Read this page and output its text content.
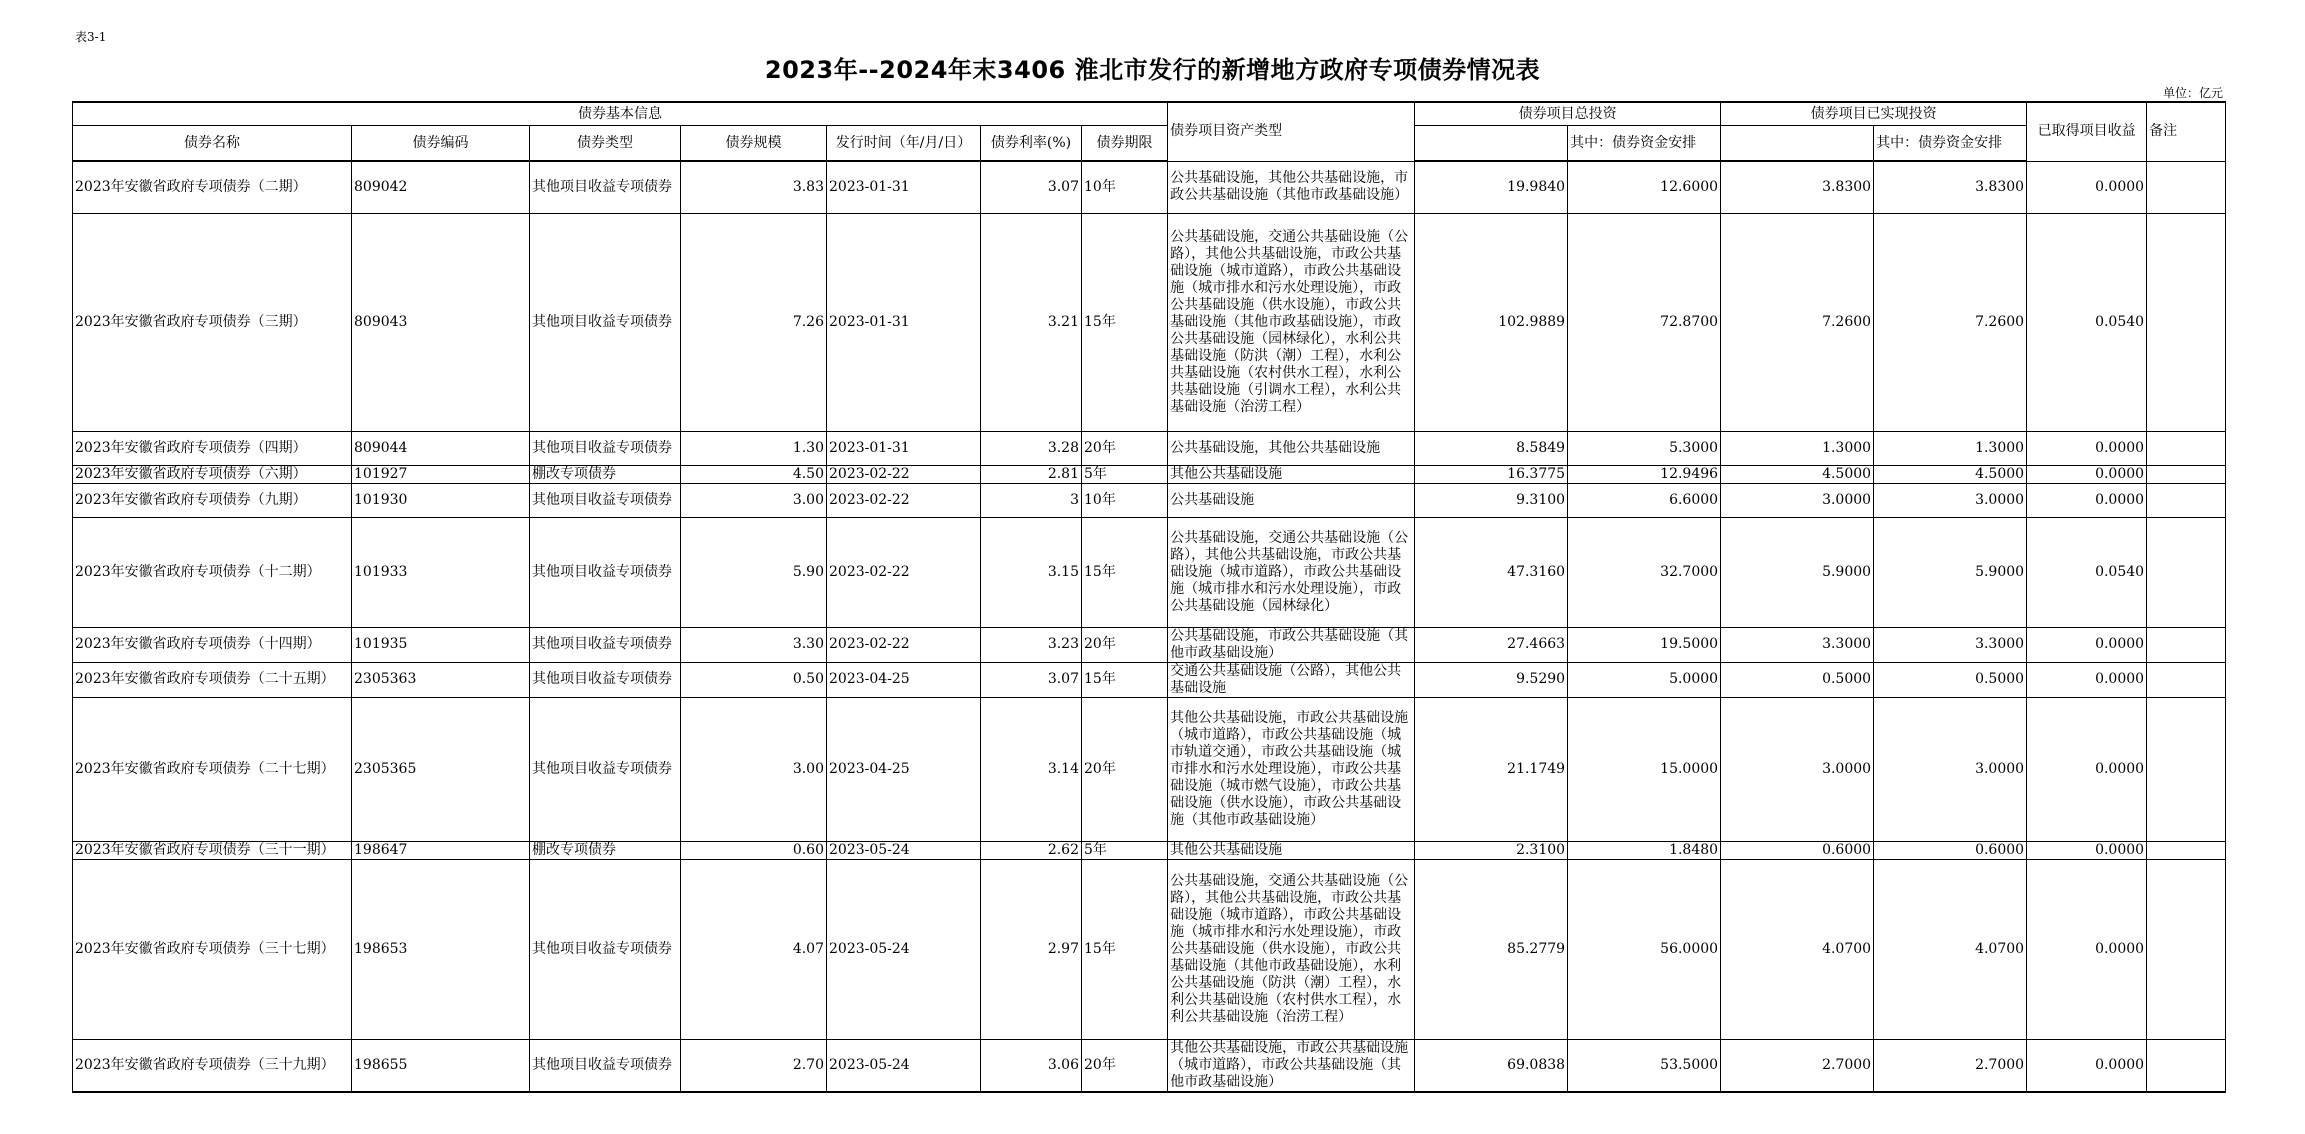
表3-1
2023年--2024年末3406 淮北市发行的新增地方政府专项债券情况表
单位：亿元
债券基本信息							债券项目资产类型	债券项目总投资		债券项目已实现投资		已取得项目收益	备注
债券名称	债券编码	债券类型	债券规模	发行时间（年/月/日）	债券利率(%)	债券期限			其中：债券资金安排		其中：债券资金安排		
2023年安徽省政府专项债券（二期）	809042	其他项目收益专项债券	3.83	2023-01-31	3.07	10年	公共基础设施，其他公共基础设施，市政公共基础设施（其他市政基础设施）	19.9840	12.6000	3.8300	3.8300	0.0000	
2023年安徽省政府专项债券（三期）	809043	其他项目收益专项债券	7.26	2023-01-31	3.21	15年	公共基础设施，交通公共基础设施（公路），其他公共基础设施，市政公共基础设施（城市道路），市政公共基础设施（城市排水和污水处理设施），市政公共基础设施（供水设施），市政公共基础设施（其他市政基础设施），市政公共基础设施（园林绿化），水利公共基础设施（防洪（潮）工程），水利公共基础设施（农村供水工程），水利公共基础设施（引调水工程），水利公共基础设施（治涝工程）	102.9889	72.8700	7.2600	7.2600	0.0540	
2023年安徽省政府专项债券（四期）	809044	其他项目收益专项债券	1.30	2023-01-31	3.28	20年	公共基础设施，其他公共基础设施	8.5849	5.3000	1.3000	1.3000	0.0000	
2023年安徽省政府专项债券（六期）	101927	棚改专项债券	4.50	2023-02-22	2.81	5年	其他公共基础设施	16.3775	12.9496	4.5000	4.5000	0.0000	
2023年安徽省政府专项债券（九期）	101930	其他项目收益专项债券	3.00	2023-02-22	3	10年	公共基础设施	9.3100	6.6000	3.0000	3.0000	0.0000	
2023年安徽省政府专项债券（十二期）	101933	其他项目收益专项债券	5.90	2023-02-22	3.15	15年	公共基础设施，交通公共基础设施（公路），其他公共基础设施，市政公共基础设施（城市道路），市政公共基础设施（城市排水和污水处理设施），市政公共基础设施（园林绿化）	47.3160	32.7000	5.9000	5.9000	0.0540	
2023年安徽省政府专项债券（十四期）	101935	其他项目收益专项债券	3.30	2023-02-22	3.23	20年	公共基础设施，市政公共基础设施（其他市政基础设施）	27.4663	19.5000	3.3000	3.3000	0.0000	
2023年安徽省政府专项债券（二十五期）	2305363	其他项目收益专项债券	0.50	2023-04-25	3.07	15年	交通公共基础设施（公路），其他公共基础设施	9.5290	5.0000	0.5000	0.5000	0.0000	
2023年安徽省政府专项债券（二十七期）	2305365	其他项目收益专项债券	3.00	2023-04-25	3.14	20年	其他公共基础设施，市政公共基础设施（城市道路），市政公共基础设施（城市轨道交通），市政公共基础设施（城市排水和污水处理设施），市政公共基础设施（城市燃气设施），市政公共基础设施（供水设施），市政公共基础设施（其他市政基础设施）	21.1749	15.0000	3.0000	3.0000	0.0000	
2023年安徽省政府专项债券（三十一期）	198647	棚改专项债券	0.60	2023-05-24	2.62	5年	其他公共基础设施	2.3100	1.8480	0.6000	0.6000	0.0000	
2023年安徽省政府专项债券（三十七期）	198653	其他项目收益专项债券	4.07	2023-05-24	2.97	15年	公共基础设施，交通公共基础设施（公路），其他公共基础设施，市政公共基础设施（城市道路），市政公共基础设施（城市排水和污水处理设施），市政公共基础设施（供水设施），市政公共基础设施（其他市政基础设施），水利公共基础设施（防洪（潮）工程），水利公共基础设施（农村供水工程），水利公共基础设施（治涝工程）	85.2779	56.0000	4.0700	4.0700	0.0000	
2023年安徽省政府专项债券（三十九期）	198655	其他项目收益专项债券	2.70	2023-05-24	3.06	20年	其他公共基础设施，市政公共基础设施（城市道路），市政公共基础设施（其他市政基础设施）	69.0838	53.5000	2.7000	2.7000	0.0000	
